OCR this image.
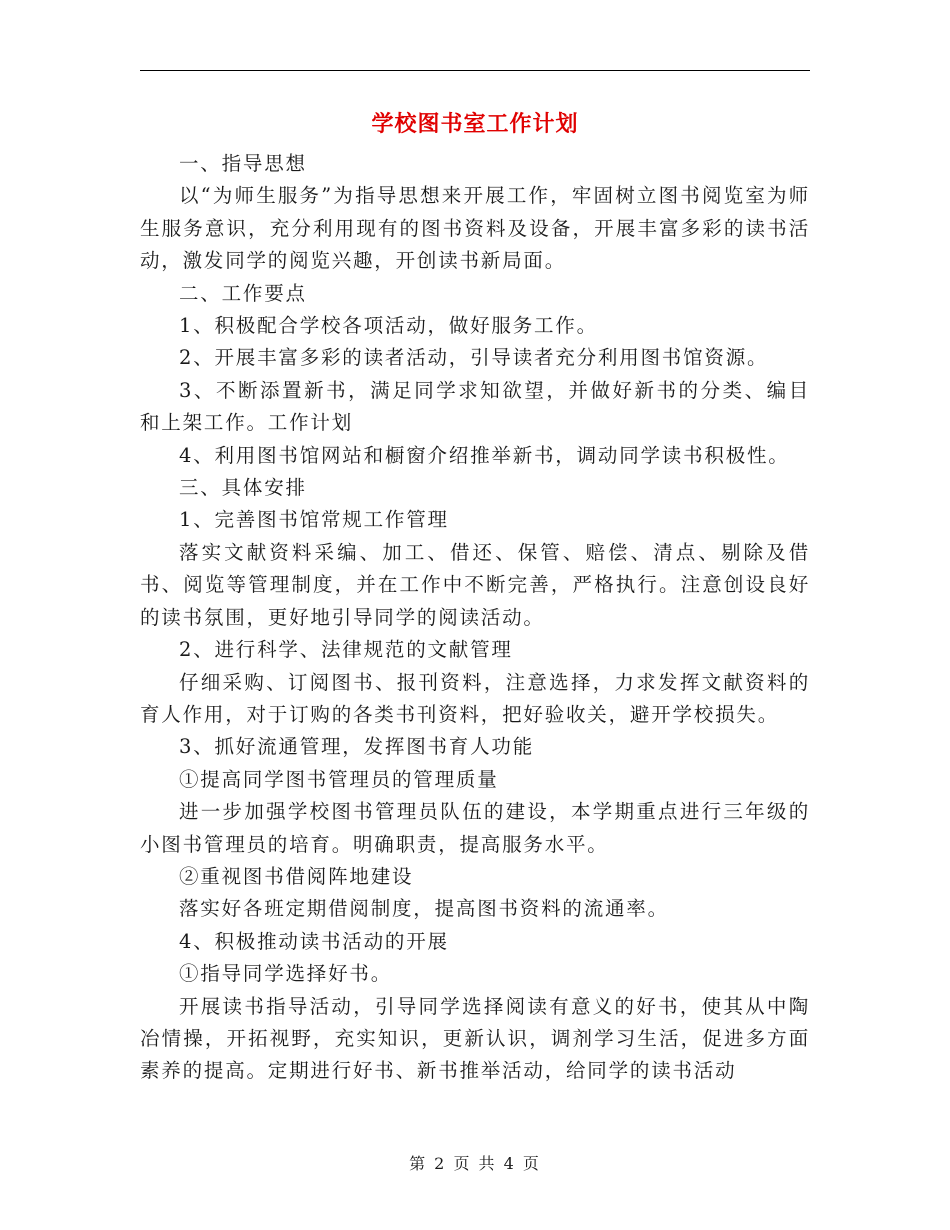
学校图书室工作计划

一、指导思想

以“为师生服务”为指导思想来开展工作，牢固树立图书阅览室为师生服务意识，充分利用现有的图书资料及设备，开展丰富多彩的读书活动，激发同学的阅览兴趣，开创读书新局面。

二、工作要点

1、积极配合学校各项活动，做好服务工作。

2、开展丰富多彩的读者活动，引导读者充分利用图书馆资源。

3、不断添置新书，满足同学求知欲望，并做好新书的分类、编目和上架工作。工作计划

4、利用图书馆网站和橱窗介绍推举新书，调动同学读书积极性。

三、具体安排

1、完善图书馆常规工作管理

落实文献资料采编、加工、借还、保管、赔偿、清点、剔除及借书、阅览等管理制度，并在工作中不断完善，严格执行。注意创设良好的读书氛围，更好地引导同学的阅读活动。

2、进行科学、法律规范的文献管理

仔细采购、订阅图书、报刊资料，注意选择，力求发挥文献资料的育人作用，对于订购的各类书刊资料，把好验收关，避开学校损失。

3、抓好流通管理，发挥图书育人功能

①提高同学图书管理员的管理质量

进一步加强学校图书管理员队伍的建设，本学期重点进行三年级的小图书管理员的培育。明确职责，提高服务水平。

②重视图书借阅阵地建设

落实好各班定期借阅制度，提高图书资料的流通率。

4、积极推动读书活动的开展

①指导同学选择好书。

开展读书指导活动，引导同学选择阅读有意义的好书，使其从中陶冶情操，开拓视野，充实知识，更新认识，调剂学习生活，促进多方面素养的提高。定期进行好书、新书推举活动，给同学的读书活动

第 2 页 共 4 页
